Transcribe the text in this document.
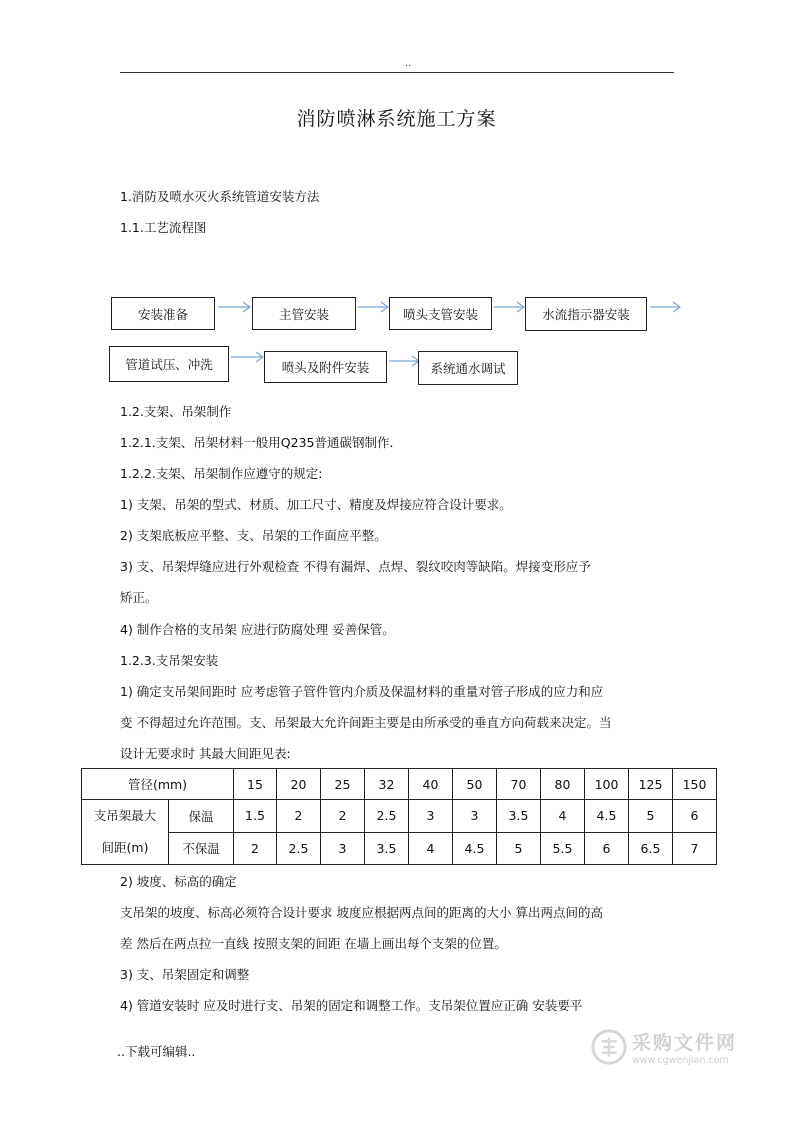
..
消防喷淋系统施工方案
1.消防及喷水灭火系统管道安装方法
1.1.工艺流程图
安装准备	主管安装	喷头支管安装	水流指示器安装
管道试压、冲洗	喷头及附件安装	系统通水调试
1.2.支架、吊架制作
1.2.1.支架、吊架材料一般用Q235普通碳钢制作.
1.2.2.支架、吊架制作应遵守的规定:
1) 支架、吊架的型式、材质、加工尺寸、精度及焊接应符合设计要求。
2) 支架底板应平整、支、吊架的工作面应平整。
3) 支、吊架焊缝应进行外观检查 不得有漏焊、点焊、裂纹咬肉等缺陷。焊接变形应予
矫正。
4) 制作合格的支吊架 应进行防腐处理 妥善保管。
1.2.3.支吊架安装
1) 确定支吊架间距时 应考虑管子管件管内介质及保温材料的重量对管子形成的应力和应
变 不得超过允许范围。支、吊架最大允许间距主要是由所承受的垂直方向荷载来决定。当
设计无要求时 其最大间距见表:
管径(mm)		15	20	25	32	40	50	70	80	100	125	150

支吊架最大
间距(m)	保温	1.5	2	2	2.5	3	3	3.5	4	4.5	5	6
	不保温	2	2.5	3	3.5	4	4.5	5	5.5	6	6.5	7
2) 坡度、标高的确定
支吊架的坡度、标高必须符合设计要求 坡度应根据两点间的距离的大小 算出两点间的高
差 然后在两点拉一直线 按照支架的间距 在墙上画出每个支架的位置。
3) 支、吊架固定和调整
4) 管道安装时 应及时进行支、吊架的固定和调整工作。支吊架位置应正确 安装要平
..下载可编辑..	采购文件网
www.cgwenjian.com
